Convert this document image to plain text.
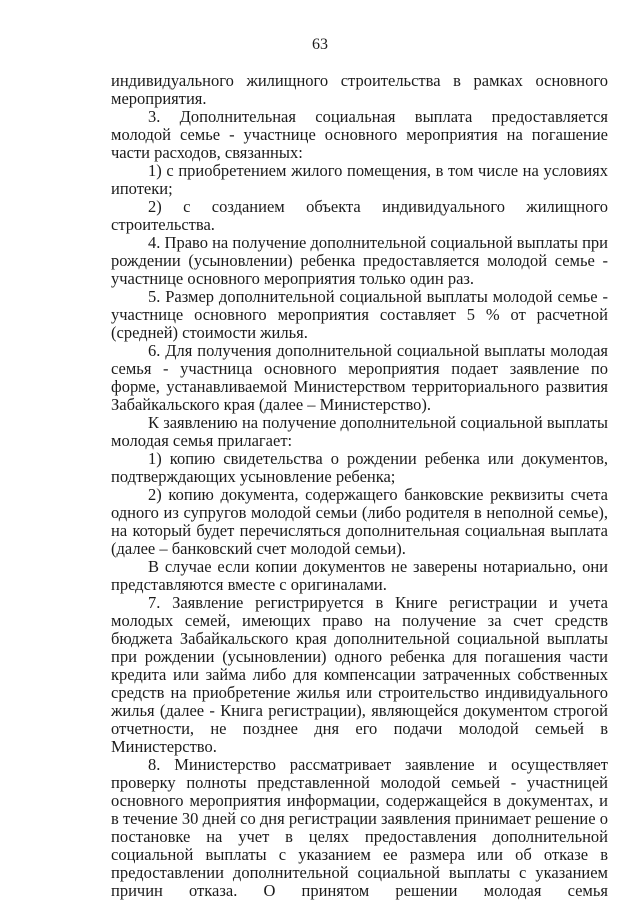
63

индивидуального жилищного строительства в рамках основного мероприятия.

3. Дополнительная социальная выплата предоставляется молодой семье - участнице основного мероприятия на погашение части расходов, связанных:

1) с приобретением жилого помещения, в том числе на условиях ипотеки;

2) с созданием объекта индивидуального жилищного строительства.

4. Право на получение дополнительной социальной выплаты при рождении (усыновлении) ребенка предоставляется молодой семье - участнице основного мероприятия только один раз.

5. Размер дополнительной социальной выплаты молодой семье - участнице основного мероприятия составляет 5 % от расчетной (средней) стоимости жилья.

6. Для получения дополнительной социальной выплаты молодая семья - участница основного мероприятия подает заявление по форме, устанавливаемой Министерством территориального развития Забайкальского края (далее – Министерство).

К заявлению на получение дополнительной социальной выплаты молодая семья прилагает:

1) копию свидетельства о рождении ребенка или документов, подтверждающих усыновление ребенка;

2) копию документа, содержащего банковские реквизиты счета одного из супругов молодой семьи (либо родителя в неполной семье), на который будет перечисляться дополнительная социальная выплата (далее – банковский счет молодой семьи).

В случае если копии документов не заверены нотариально, они представляются вместе с оригиналами.

7. Заявление регистрируется в Книге регистрации и учета молодых семей, имеющих право на получение за счет средств бюджета Забайкальского края дополнительной социальной выплаты при рождении (усыновлении) одного ребенка для погашения части кредита или займа либо для компенсации затраченных собственных средств на приобретение жилья или строительство индивидуального жилья (далее - Книга регистрации), являющейся документом строгой отчетности, не позднее дня его подачи молодой семьей в Министерство.

8. Министерство рассматривает заявление и осуществляет проверку полноты представленной молодой семьей - участницей основного мероприятия информации, содержащейся в документах, и в течение 30 дней со дня регистрации заявления принимает решение о постановке на учет в целях предоставления дополнительной социальной выплаты с указанием ее размера или об отказе в предоставлении дополнительной социальной выплаты с указанием причин отказа. О принятом решении молодая семья
